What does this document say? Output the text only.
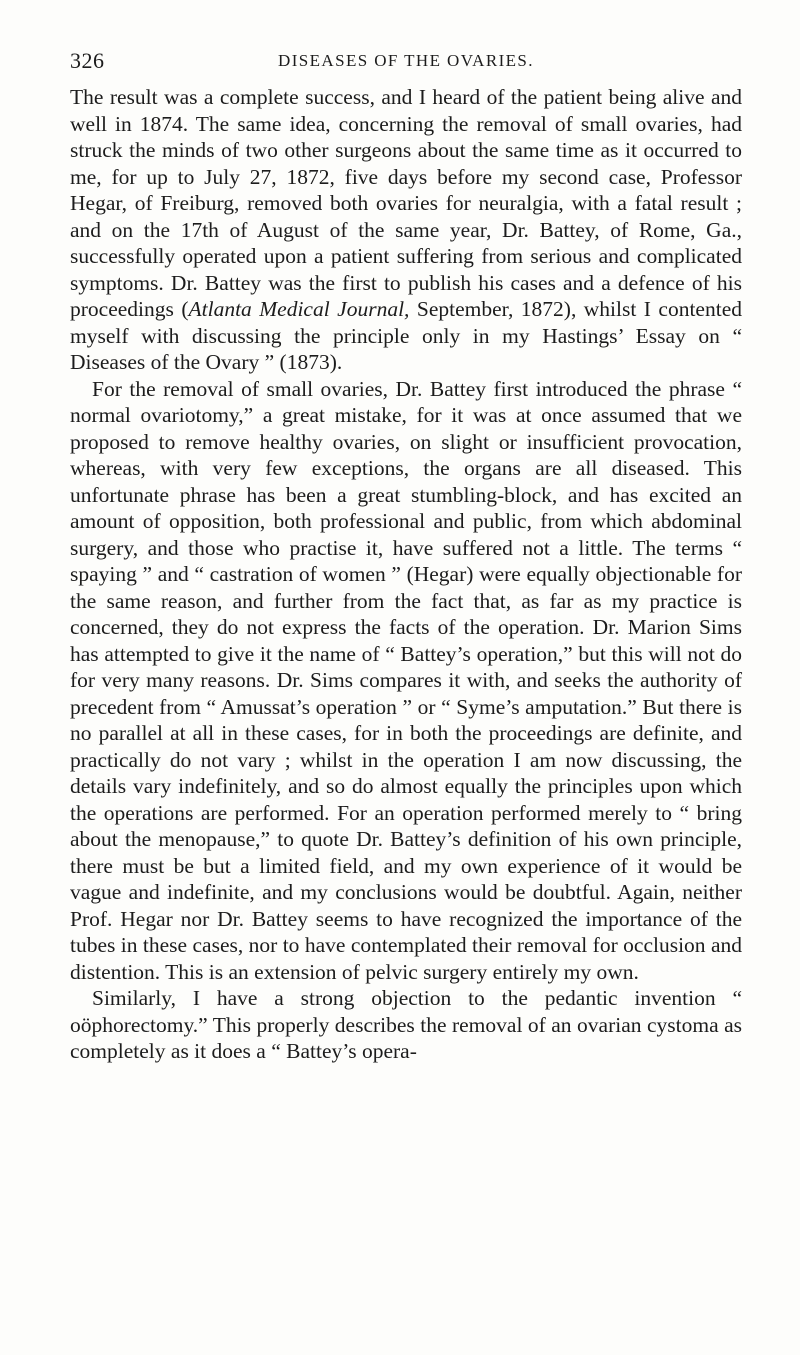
326	DISEASES OF THE OVARIES.

The result was a complete success, and I heard of the patient being alive and well in 1874. The same idea, concerning the removal of small ovaries, had struck the minds of two other surgeons about the same time as it occurred to me, for up to July 27, 1872, five days before my second case, Professor Hegar, of Freiburg, removed both ovaries for neuralgia, with a fatal result ; and on the 17th of August of the same year, Dr. Battey, of Rome, Ga., successfully operated upon a patient suffering from serious and complicated symptoms. Dr. Battey was the first to publish his cases and a defence of his proceedings (Atlanta Medical Journal, September, 1872), whilst I contented myself with discussing the principle only in my Hastings’ Essay on “ Diseases of the Ovary ” (1873).

For the removal of small ovaries, Dr. Battey first introduced the phrase “ normal ovariotomy,” a great mistake, for it was at once assumed that we proposed to remove healthy ovaries, on slight or insufficient provocation, whereas, with very few exceptions, the organs are all diseased. This unfortunate phrase has been a great stumbling-block, and has excited an amount of opposition, both professional and public, from which abdominal surgery, and those who practise it, have suffered not a little. The terms “ spaying ” and “ castration of women ” (Hegar) were equally objectionable for the same reason, and further from the fact that, as far as my practice is concerned, they do not express the facts of the operation. Dr. Marion Sims has attempted to give it the name of “ Battey’s operation,” but this will not do for very many reasons. Dr. Sims compares it with, and seeks the authority of precedent from “ Amussat’s operation ” or “ Syme’s amputation.” But there is no parallel at all in these cases, for in both the proceedings are definite, and practically do not vary ; whilst in the operation I am now discussing, the details vary indefinitely, and so do almost equally the principles upon which the operations are performed. For an operation performed merely to “ bring about the menopause,” to quote Dr. Battey’s definition of his own principle, there must be but a limited field, and my own experience of it would be vague and indefinite, and my conclusions would be doubtful. Again, neither Prof. Hegar nor Dr. Battey seems to have recognized the importance of the tubes in these cases, nor to have contemplated their removal for occlusion and distention. This is an extension of pelvic surgery entirely my own.

Similarly, I have a strong objection to the pedantic invention “ oöphorectomy.” This properly describes the removal of an ovarian cystoma as completely as it does a “ Battey’s opera-
